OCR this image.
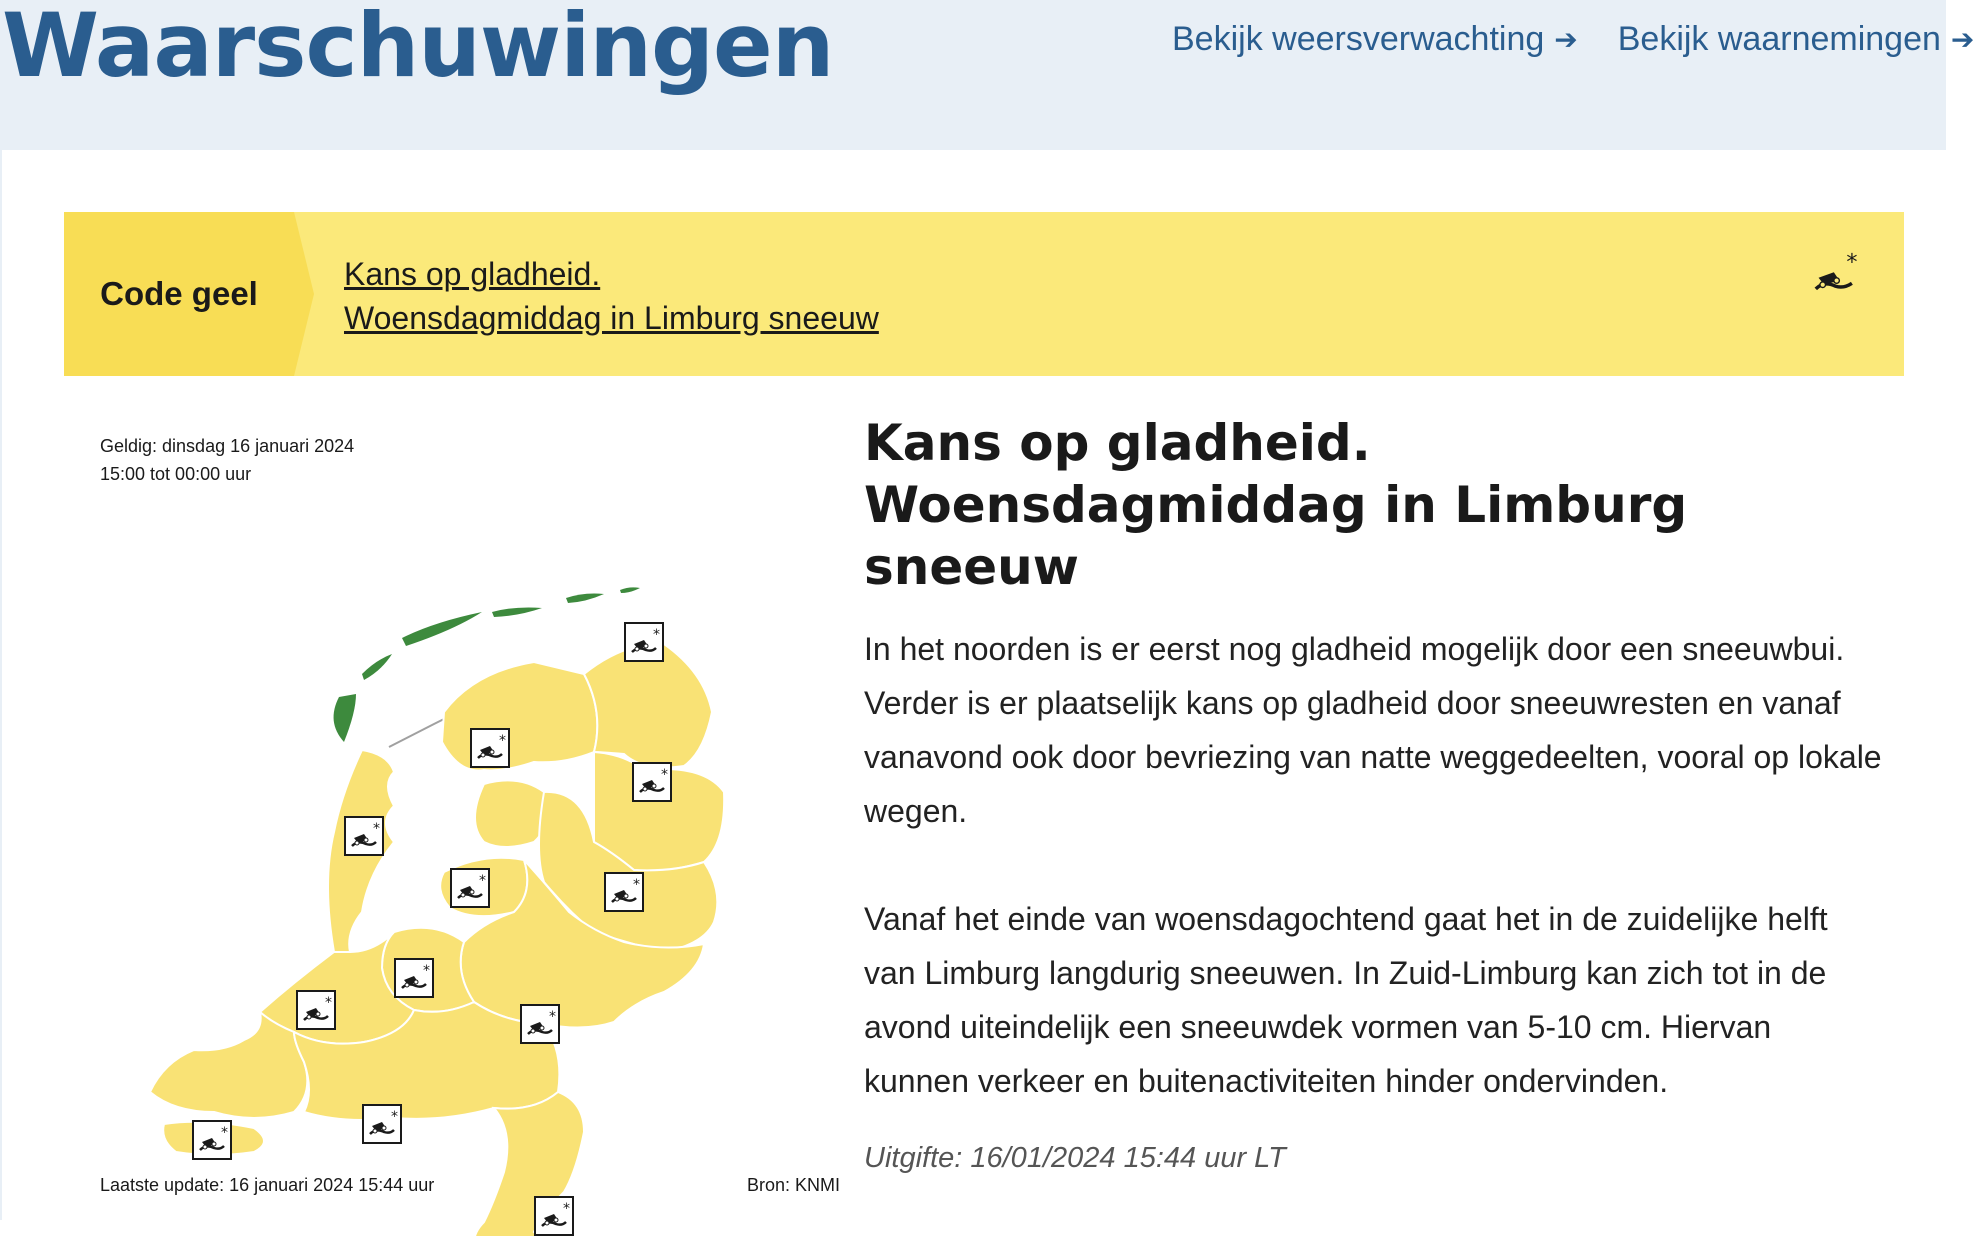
Waarschuwingen	Bekijk weersverwachting ➔ Bekijk waarnemingen ➔
Code geel
Kans op gladheid.
Woensdagmiddag in Limburg sneeuw
*
Geldig: dinsdag 16 januari 2024
15:00 tot 00:00 uur
Laatste update: 16 januari 2024 15:44 uur	Bron: KNMI
Kans op gladheid. Woensdagmiddag in Limburg sneeuw

In het noorden is er eerst nog gladheid mogelijk door een sneeuwbui. Verder is er plaatselijk kans op gladheid door sneeuwresten en vanaf vanavond ook door bevriezing van natte weggedeelten, vooral op lokale wegen.

Vanaf het einde van woensdagochtend gaat het in de zuidelijke helft van Limburg langdurig sneeuwen. In Zuid-Limburg kan zich tot in de avond uiteindelijk een sneeuwdek vormen van 5-10 cm. Hiervan kunnen verkeer en buitenactiviteiten hinder ondervinden.

Uitgifte: 16/01/2024 15:44 uur LT
